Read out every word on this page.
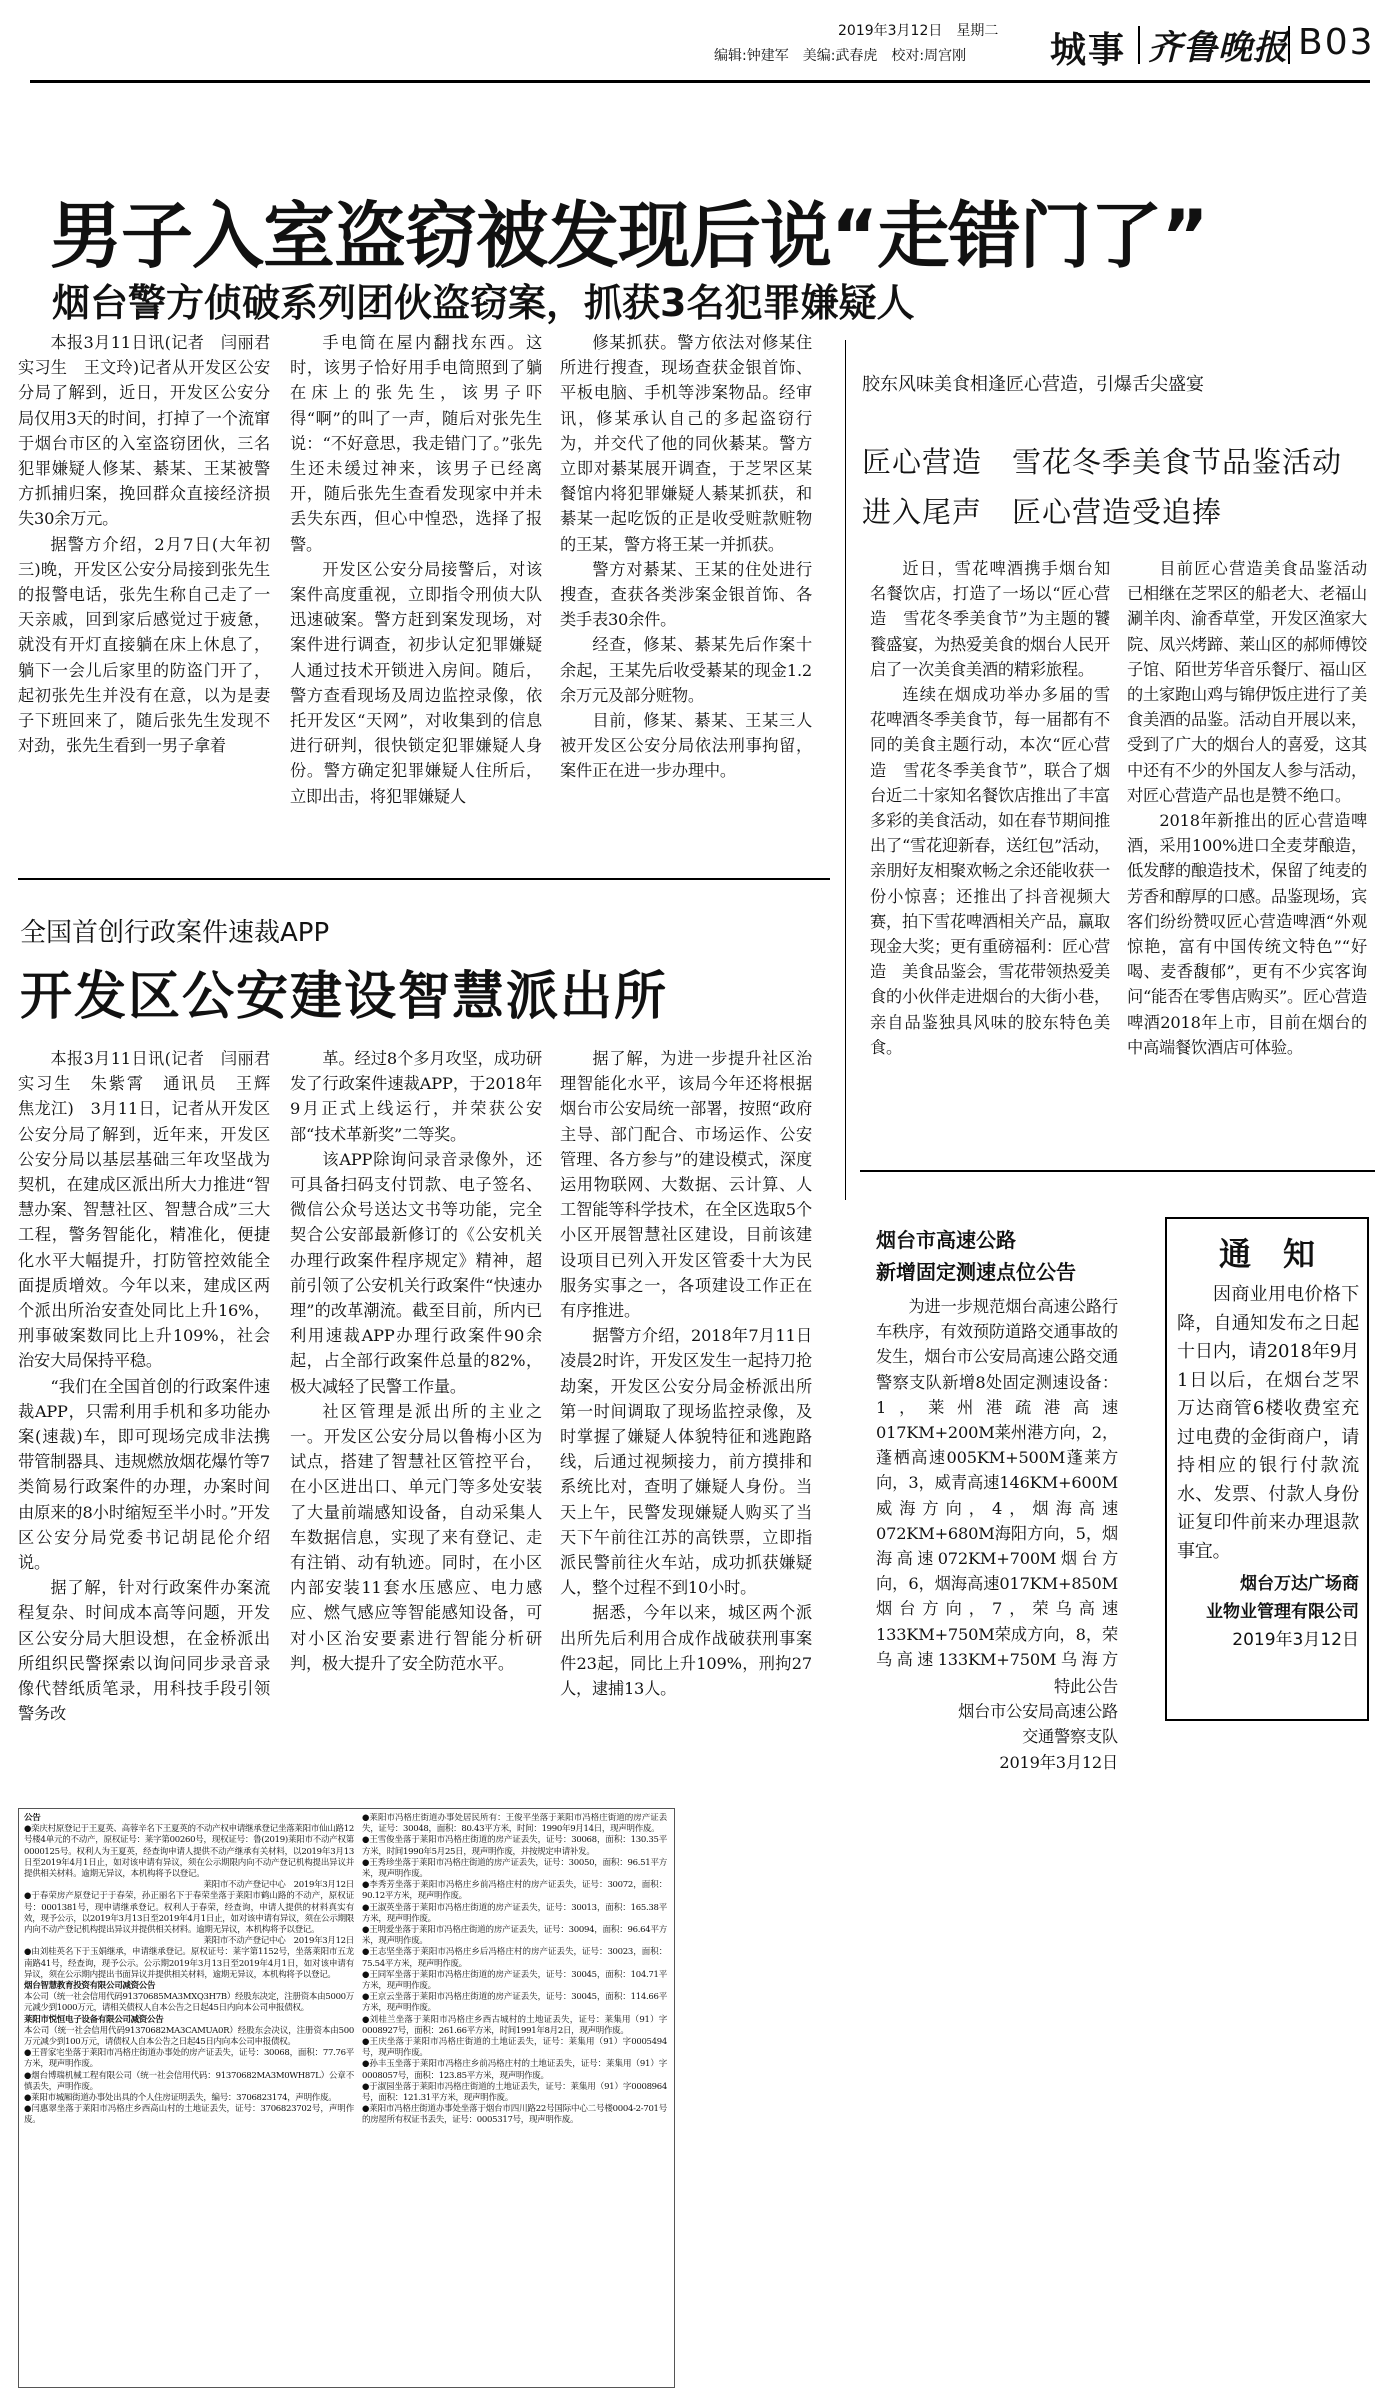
2019年3月12日　星期二
编辑:钟建军　美编:武春虎　校对:周宫刚 城事 齐鲁晚报 B03
男子入室盗窃被发现后说“走错门了”
烟台警方侦破系列团伙盗窃案，抓获3名犯罪嫌疑人

本报3月11日讯(记者　闫丽君　实习生　王文玲)记者从开发区公安分局了解到，近日，开发区公安分局仅用3天的时间，打掉了一个流窜于烟台市区的入室盗窃团伙，三名犯罪嫌疑人修某、綦某、王某被警方抓捕归案，挽回群众直接经济损失30余万元。

据警方介绍，2月7日(大年初三)晚，开发区公安分局接到张先生的报警电话，张先生称自己走了一天亲戚，回到家后感觉过于疲惫，就没有开灯直接躺在床上休息了，躺下一会儿后家里的防盗门开了，起初张先生并没有在意，以为是妻子下班回来了，随后张先生发现不对劲，张先生看到一男子拿着

手电筒在屋内翻找东西。这时，该男子恰好用手电筒照到了躺在床上的张先生，该男子吓得“啊”的叫了一声，随后对张先生说：“不好意思，我走错门了。”张先生还未缓过神来，该男子已经离开，随后张先生查看发现家中并未丢失东西，但心中惶恐，选择了报警。

开发区公安分局接警后，对该案件高度重视，立即指令刑侦大队迅速破案。警方赶到案发现场，对案件进行调查，初步认定犯罪嫌疑人通过技术开锁进入房间。随后，警方查看现场及周边监控录像，依托开发区“天网”，对收集到的信息进行研判，很快锁定犯罪嫌疑人身份。警方确定犯罪嫌疑人住所后，立即出击，将犯罪嫌疑人

修某抓获。警方依法对修某住所进行搜查，现场查获金银首饰、平板电脑、手机等涉案物品。经审讯，修某承认自己的多起盗窃行为，并交代了他的同伙綦某。警方立即对綦某展开调查，于芝罘区某餐馆内将犯罪嫌疑人綦某抓获，和綦某一起吃饭的正是收受赃款赃物的王某，警方将王某一并抓获。

警方对綦某、王某的住处进行搜查，查获各类涉案金银首饰、各类手表30余件。

经查，修某、綦某先后作案十余起，王某先后收受綦某的现金1.2余万元及部分赃物。

目前，修某、綦某、王某三人被开发区公安分局依法刑事拘留，案件正在进一步办理中。

全国首创行政案件速裁APP
开发区公安建设智慧派出所

本报3月11日讯(记者　闫丽君　实习生　朱紫霄　通讯员　王辉　焦龙江)　3月11日，记者从开发区公安分局了解到，近年来，开发区公安分局以基层基础三年攻坚战为契机，在建成区派出所大力推进“智慧办案、智慧社区、智慧合成”三大工程，警务智能化，精准化，便捷化水平大幅提升，打防管控效能全面提质增效。今年以来，建成区两个派出所治安查处同比上升16%，刑事破案数同比上升109%，社会治安大局保持平稳。

“我们在全国首创的行政案件速裁APP，只需利用手机和多功能办案(速裁)车，即可现场完成非法携带管制器具、违规燃放烟花爆竹等7类简易行政案件的办理，办案时间由原来的8小时缩短至半小时。”开发区公安分局党委书记胡昆伦介绍说。

据了解，针对行政案件办案流程复杂、时间成本高等问题，开发区公安分局大胆设想，在金桥派出所组织民警探索以询问同步录音录像代替纸质笔录，用科技手段引领警务改

革。经过8个多月攻坚，成功研发了行政案件速裁APP，于2018年9月正式上线运行，并荣获公安部“技术革新奖”二等奖。

该APP除询问录音录像外，还可具备扫码支付罚款、电子签名、微信公众号送达文书等功能，完全契合公安部最新修订的《公安机关办理行政案件程序规定》精神，超前引领了公安机关行政案件“快速办理”的改革潮流。截至目前，所内已利用速裁APP办理行政案件90余起，占全部行政案件总量的82%，极大减轻了民警工作量。

社区管理是派出所的主业之一。开发区公安分局以鲁梅小区为试点，搭建了智慧社区管控平台，在小区进出口、单元门等多处安装了大量前端感知设备，自动采集人车数据信息，实现了来有登记、走有注销、动有轨迹。同时，在小区内部安装11套水压感应、电力感应、燃气感应等智能感知设备，可对小区治安要素进行智能分析研判，极大提升了安全防范水平。

据了解，为进一步提升社区治理智能化水平，该局今年还将根据烟台市公安局统一部署，按照“政府主导、部门配合、市场运作、公安管理、各方参与”的建设模式，深度运用物联网、大数据、云计算、人工智能等科学技术，在全区选取5个小区开展智慧社区建设，目前该建设项目已列入开发区管委十大为民服务实事之一，各项建设工作正在有序推进。

据警方介绍，2018年7月11日凌晨2时许，开发区发生一起持刀抢劫案，开发区公安分局金桥派出所第一时间调取了现场监控录像，及时掌握了嫌疑人体貌特征和逃跑路线，后通过视频接力，前方摸排和系统比对，查明了嫌疑人身份。当天上午，民警发现嫌疑人购买了当天下午前往江苏的高铁票，立即指派民警前往火车站，成功抓获嫌疑人，整个过程不到10小时。

据悉，今年以来，城区两个派出所先后利用合成作战破获刑事案件23起，同比上升109%，刑拘27人，逮捕13人。

胶东风味美食相逢匠心营造，引爆舌尖盛宴
匠心营造　雪花冬季美食节品鉴活动
进入尾声　匠心营造受追捧

近日，雪花啤酒携手烟台知名餐饮店，打造了一场以“匠心营造　雪花冬季美食节”为主题的饕餮盛宴，为热爱美食的烟台人民开启了一次美食美酒的精彩旅程。

连续在烟成功举办多届的雪花啤酒冬季美食节，每一届都有不同的美食主题行动，本次“匠心营造　雪花冬季美食节”，联合了烟台近二十家知名餐饮店推出了丰富多彩的美食活动，如在春节期间推出了“雪花迎新春，送红包”活动，亲朋好友相聚欢畅之余还能收获一份小惊喜；还推出了抖音视频大赛，拍下雪花啤酒相关产品，赢取现金大奖；更有重磅福利：匠心营造　美食品鉴会，雪花带领热爱美食的小伙伴走进烟台的大街小巷，亲自品鉴独具风味的胶东特色美食。

目前匠心营造美食品鉴活动已相继在芝罘区的船老大、老福山涮羊肉、渝香草堂，开发区渔家大院、凤兴烤蹄、莱山区的郝师傅饺子馆、陌世芳华音乐餐厅、福山区的土家跑山鸡与锦伊饭庄进行了美食美酒的品鉴。活动自开展以来，受到了广大的烟台人的喜爱，这其中还有不少的外国友人参与活动，对匠心营造产品也是赞不绝口。

2018年新推出的匠心营造啤酒，采用100%进口全麦芽酿造，低发酵的酿造技术，保留了纯麦的芳香和醇厚的口感。品鉴现场，宾客们纷纷赞叹匠心营造啤酒“外观惊艳，富有中国传统文特色”“好喝、麦香馥郁”，更有不少宾客询问“能否在零售店购买”。匠心营造啤酒2018年上市，目前在烟台的中高端餐饮酒店可体验。

烟台市高速公路
新增固定测速点位公告

为进一步规范烟台高速公路行车秩序，有效预防道路交通事故的发生，烟台市公安局高速公路交通警察支队新增8处固定测速设备：1，莱州港疏港高速017KM+200M莱州港方向，2，蓬栖高速005KM+500M蓬莱方向，3，威青高速146KM+600M威海方向，4，烟海高速072KM+680M海阳方向，5，烟海高速072KM+700M烟台方向，6，烟海高速017KM+850M烟台方向，7，荣乌高速133KM+750M荣成方向，8，荣乌高速133KM+750M乌海方

特此公告
烟台市公安局高速公路
交通警察支队
2019年3月12日
通　知

因商业用电价格下降，自通知发布之日起十日内，请2018年9月1日以后，在烟台芝罘万达商管6楼收费室充过电费的金街商户，请持相应的银行付款流水、发票、付款人身份证复印件前来办理退款事宜。

烟台万达广场商
业物业管理有限公司
2019年3月12日

公告

●栾庆村原登记于王夏英、高蓉辛名下王夏英的不动产权申请继承登记坐落莱阳市仙山路12号楼4单元的不动产，原权证号：莱字第00260号，现权证号：鲁(2019)莱阳市不动产权第0000125号。权利人为王夏英，经查询申请人提供不动产继承有关材料，以2019年3月13日至2019年4月1日止，如对该申请有异议，须在公示期限内向不动产登记机构提出异议并提供相关材料。逾期无异议，本机构将予以登记。

莱阳市不动产登记中心　2019年3月12日

●于春荣房产原登记于于春荣，孙正丽名下于春荣坐落于莱阳市鹤山路的不动产，原权证号：0001381号，现申请继承登记。权利人于春荣，经查询，申请人提供的材料真实有效，现予公示，以2019年3月13日至2019年4月1日止，如对该申请有异议，须在公示期限内向不动产登记机构提出异议并提供相关材料。逾期无异议，本机构将予以登记。

莱阳市不动产登记中心　2019年3月12日

●由刘桂英名下于玉娟继承，申请继承登记。原权证号：莱字第1152号，坐落莱阳市五龙南路41号，经查询，现予公示。公示期2019年3月13日至2019年4月1日，如对该申请有异议，须在公示期内提出书面异议并提供相关材料，逾期无异议，本机构将予以登记。

烟台智慧教育投资有限公司减资公告

本公司（统一社会信用代码91370685MA3MXQ3H7B）经股东决定，注册资本由5000万元减少到1000万元，请相关债权人自本公告之日起45日内向本公司申报债权。

莱阳市悦恒电子设备有限公司减资公告

本公司（统一社会信用代码91370682MA3CAMUA0R）经股东会决议，注册资本由500万元减少到100万元，请债权人自本公告之日起45日内向本公司申报债权。

●王晋家宅坐落于莱阳市冯格庄街道办事处的房产证丢失，证号：30068，面积：77.76平方米，现声明作废。

●烟台博瑞机械工程有限公司（统一社会信用代码：91370682MA3M0WH87L）公章不慎丢失，声明作废。

●莱阳市城厢街道办事处出具的个人住房证明丢失，编号：3706823174，声明作废。

●闫惠翠坐落于莱阳市冯格庄乡西高山村的土地证丢失，证号：3706823702号，声明作废。

●莱阳市冯格庄街道办事处居民所有：王俊平坐落于莱阳市冯格庄街道的房产证丢失，证号：30048，面积：80.43平方米，时间：1990年9月14日，现声明作废。

●王雪俊坐落于莱阳市冯格庄街道的房产证丢失，证号：30068，面积：130.35平方米，时间1990年5月25日，现声明作废，并按规定申请补发。

●王秀珍坐落于莱阳市冯格庄街道的房产证丢失，证号：30050，面积：96.51平方米，现声明作废。

●李秀芳坐落于莱阳市冯格庄乡前冯格庄村的房产证丢失，证号：30072，面积：90.12平方米，现声明作废。

●王淑英坐落于莱阳市冯格庄街道的房产证丢失，证号：30013，面积：165.38平方米，现声明作废。

●王明爱坐落于莱阳市冯格庄街道的房产证丢失，证号：30094，面积：96.64平方米，现声明作废。

●王志坚坐落于莱阳市冯格庄乡后冯格庄村的房产证丢失，证号：30023，面积：75.54平方米，现声明作废。

●王同军坐落于莱阳市冯格庄街道的房产证丢失，证号：30045，面积：104.71平方米，现声明作废。

●王京云坐落于莱阳市冯格庄街道的房产证丢失，证号：30045，面积：114.66平方米，现声明作废。

●刘桂兰坐落于莱阳市冯格庄乡西古城村的土地证丢失，证号：莱集用（91）字0008927号，面积：261.66平方米，时间1991年8月2日，现声明作废。

●王庆坐落于莱阳市冯格庄街道的土地证丢失，证号：莱集用（91）字0005494号，现声明作废。

●孙丰玉坐落于莱阳市冯格庄乡前冯格庄村的土地证丢失，证号：莱集用（91）字0008057号，面积：123.85平方米，现声明作废。

●于淑园坐落于莱阳市冯格庄街道的土地证丢失，证号：莱集用（91）字0008964号，面积：121.31平方米，现声明作废。

●莱阳市冯格庄街道办事处坐落于烟台市四川路22号国际中心二号楼0004-2-701号的房屋所有权证书丢失，证号：0005317号，现声明作废。
